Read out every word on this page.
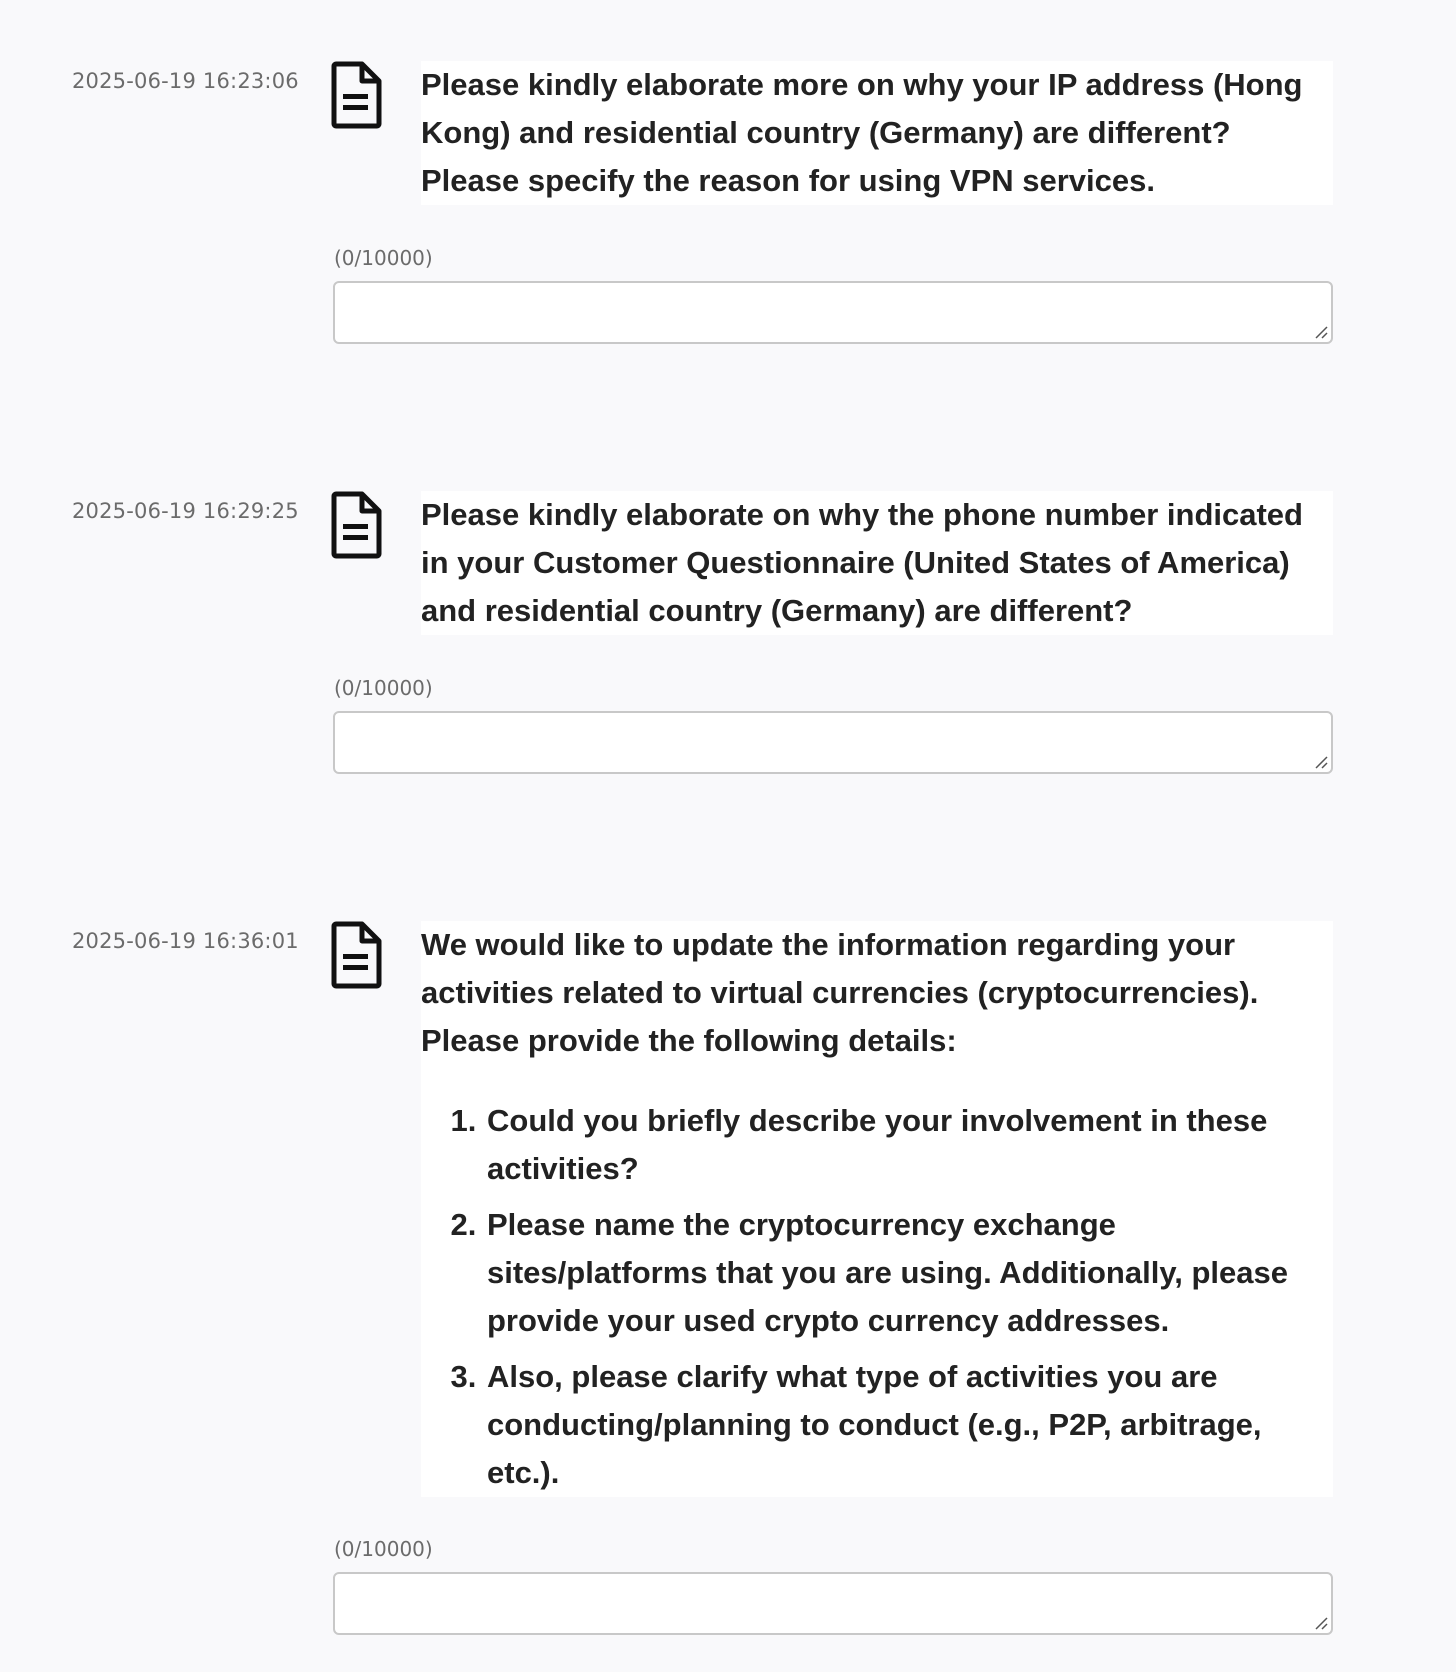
2025-06-19 16:23:06	Please kindly elaborate more on why your IP address (Hong Kong) and residential country (Germany) are different? Please specify the reason for using VPN services.

(0/10000)
2025-06-19 16:29:25	Please kindly elaborate on why the phone number indicated in your Customer Questionnaire (United States of America) and residential country (Germany) are different?

(0/10000)
2025-06-19 16:36:01	We would like to update the information regarding your activities related to virtual currencies (cryptocurrencies). Please provide the following details:

1. Could you briefly describe your involvement in these activities?
2. Please name the cryptocurrency exchange sites/platforms that you are using. Additionally, please provide your used crypto currency addresses.
3. Also, please clarify what type of activities you are conducting/planning to conduct (e.g., P2P, arbitrage, etc.).
(0/10000)
